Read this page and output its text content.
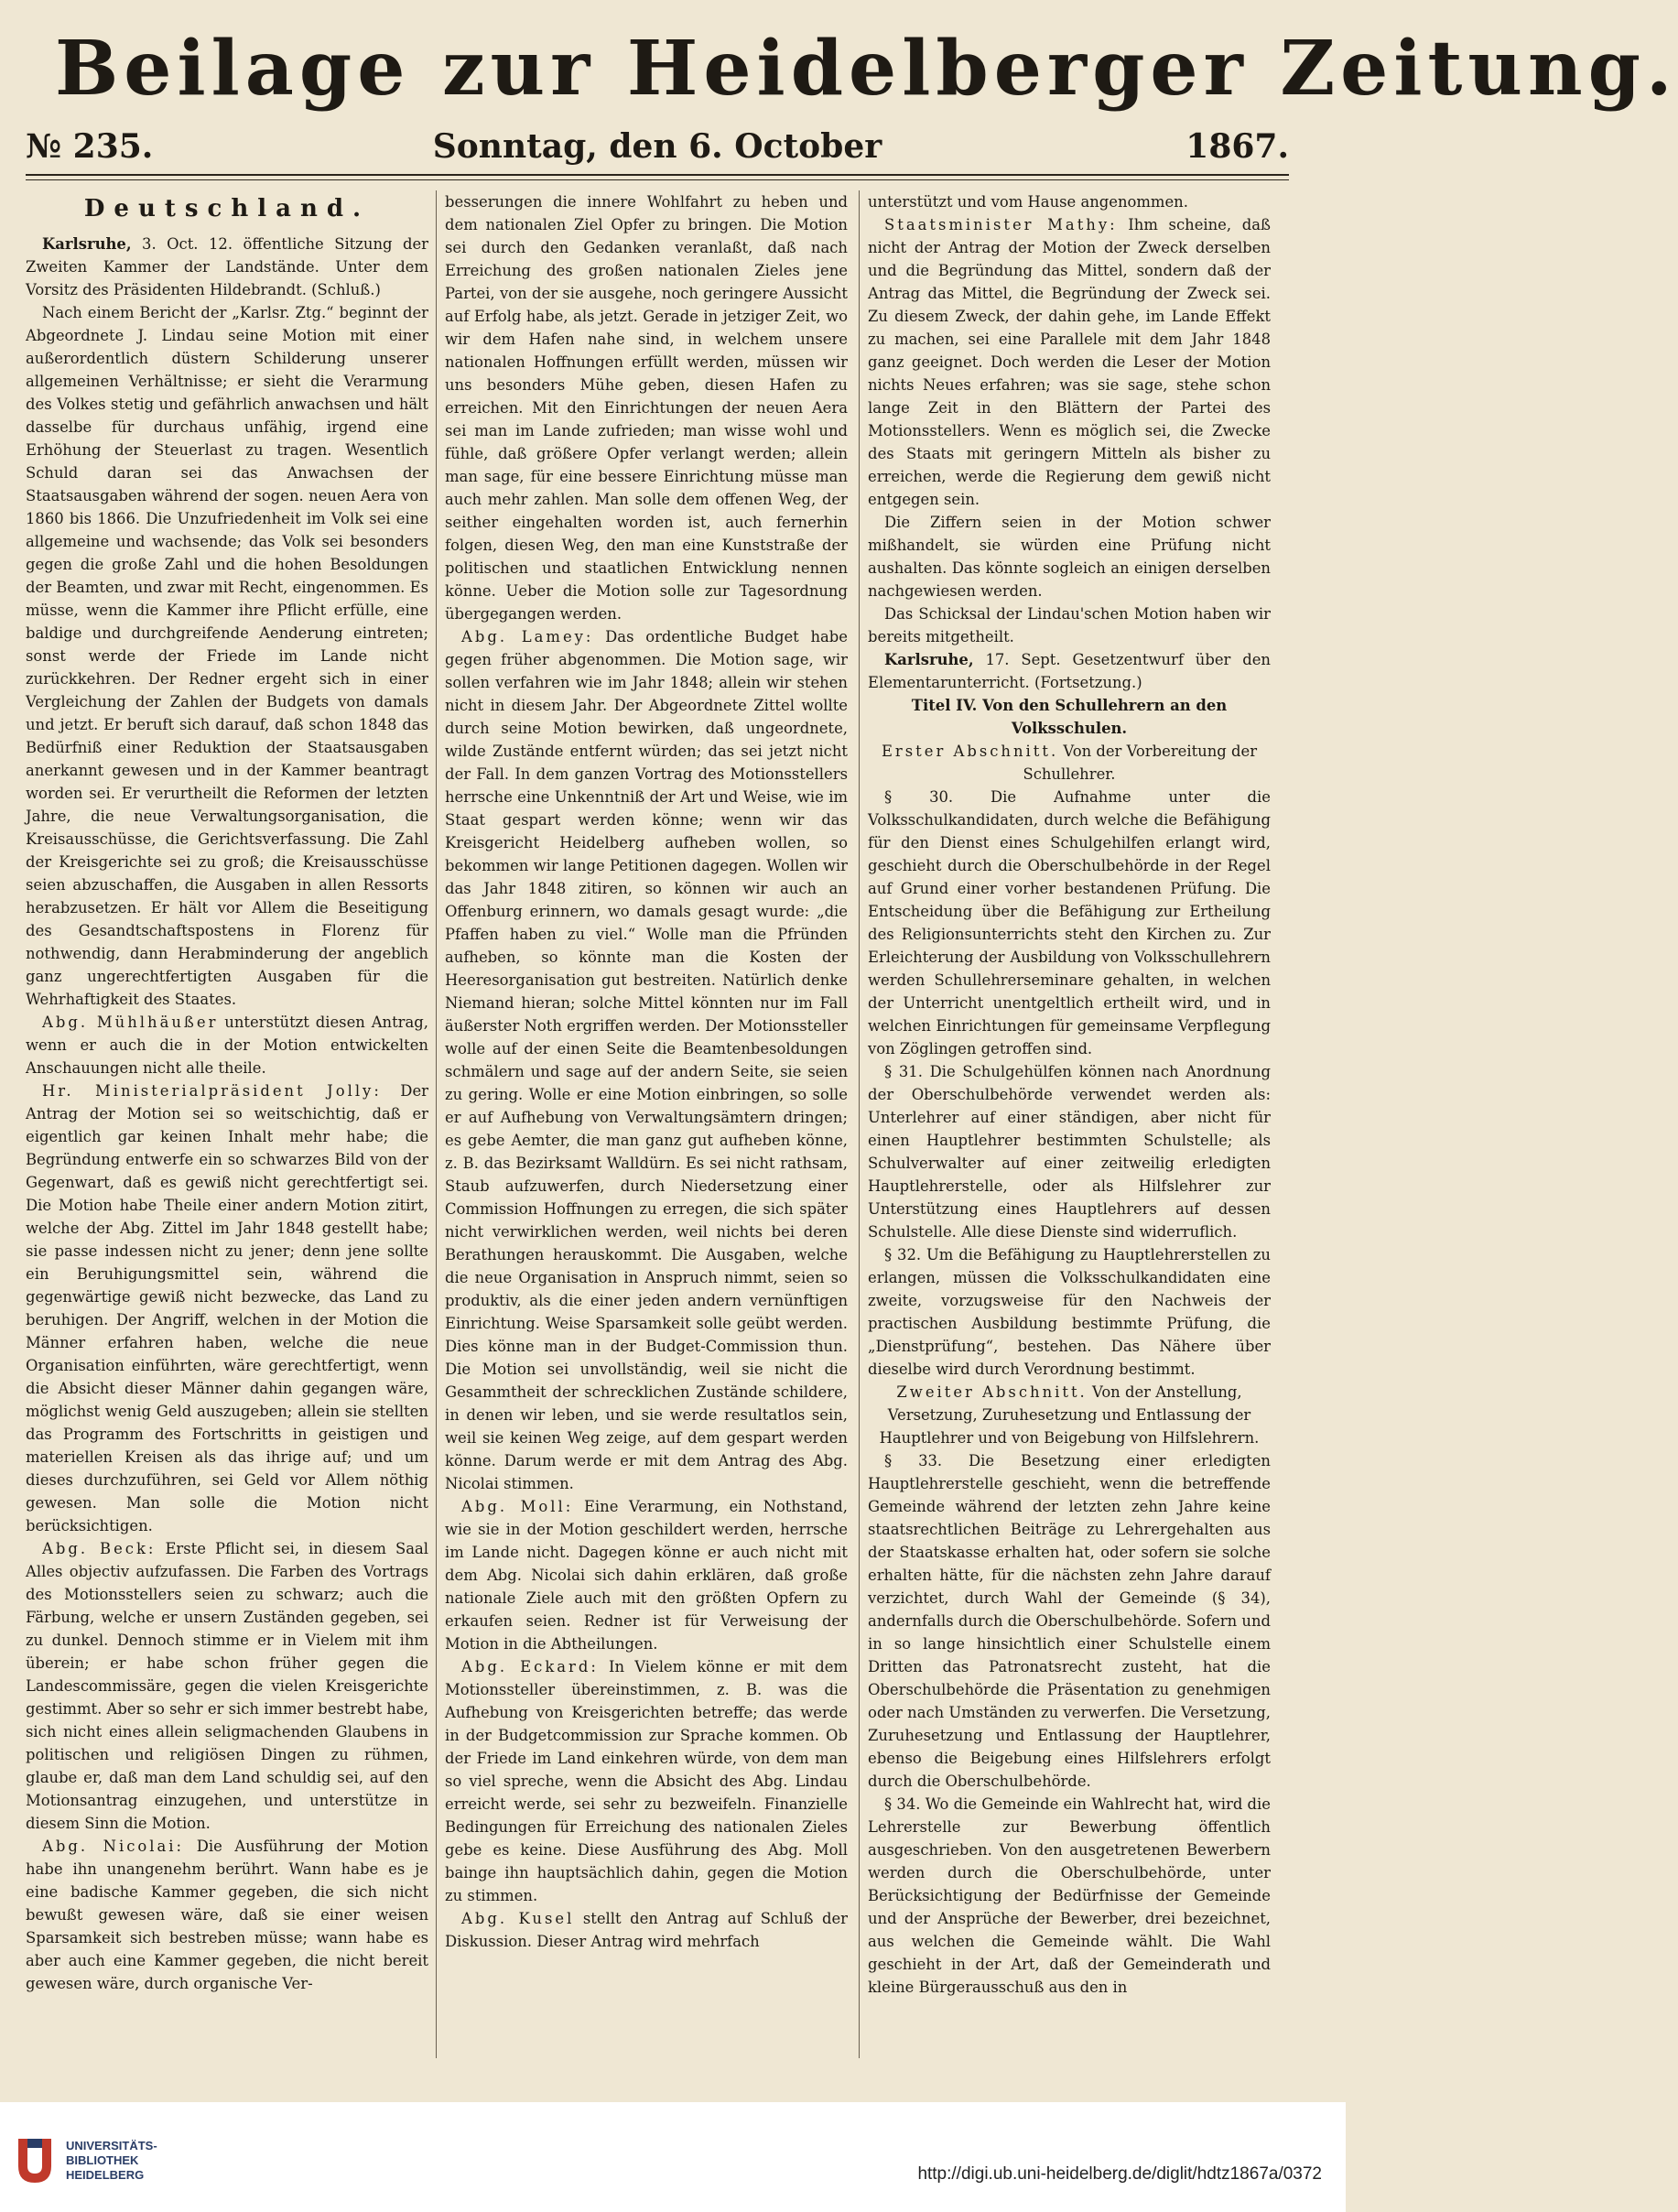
Beilage zur Heidelberger Zeitung.
Sonntag, den 6. October
№ 235.	1867.

Deutschland.

Karlsruhe, 3. Oct. 12. öffentliche Sitzung der Zweiten Kammer der Landstände. Unter dem Vorsitz des Präsidenten Hildebrandt. (Schluß.)

Nach einem Bericht der „Karlsr. Ztg.“ beginnt der Abgeordnete J. Lindau seine Motion mit einer außerordentlich düstern Schilderung unserer allgemeinen Verhältnisse; er sieht die Verarmung des Volkes stetig und gefährlich anwachsen und hält dasselbe für durchaus unfähig, irgend eine Erhöhung der Steuerlast zu tragen. Wesentlich Schuld daran sei das Anwachsen der Staatsausgaben während der sogen. neuen Aera von 1860 bis 1866. Die Unzufriedenheit im Volk sei eine allgemeine und wachsende; das Volk sei besonders gegen die große Zahl und die hohen Besoldungen der Beamten, und zwar mit Recht, eingenommen. Es müsse, wenn die Kammer ihre Pflicht erfülle, eine baldige und durchgreifende Aenderung eintreten; sonst werde der Friede im Lande nicht zurückkehren. Der Redner ergeht sich in einer Vergleichung der Zahlen der Budgets von damals und jetzt. Er beruft sich darauf, daß schon 1848 das Bedürfniß einer Reduktion der Staatsausgaben anerkannt gewesen und in der Kammer beantragt worden sei. Er verurtheilt die Reformen der letzten Jahre, die neue Verwaltungsorganisation, die Kreisausschüsse, die Gerichtsverfassung. Die Zahl der Kreisgerichte sei zu groß; die Kreisausschüsse seien abzuschaffen, die Ausgaben in allen Ressorts herabzusetzen. Er hält vor Allem die Beseitigung des Gesandtschaftspostens in Florenz für nothwendig, dann Herabminderung der angeblich ganz ungerechtfertigten Ausgaben für die Wehrhaftigkeit des Staates.

Abg. Mühlhäußer unterstützt diesen Antrag, wenn er auch die in der Motion entwickelten Anschauungen nicht alle theile.

Hr. Ministerialpräsident Jolly: Der Antrag der Motion sei so weitschichtig, daß er eigentlich gar keinen Inhalt mehr habe; die Begründung entwerfe ein so schwarzes Bild von der Gegenwart, daß es gewiß nicht gerechtfertigt sei. Die Motion habe Theile einer andern Motion zitirt, welche der Abg. Zittel im Jahr 1848 gestellt habe; sie passe indessen nicht zu jener; denn jene sollte ein Beruhigungsmittel sein, während die gegenwärtige gewiß nicht bezwecke, das Land zu beruhigen. Der Angriff, welchen in der Motion die Männer erfahren haben, welche die neue Organisation einführten, wäre gerechtfertigt, wenn die Absicht dieser Männer dahin gegangen wäre, möglichst wenig Geld auszugeben; allein sie stellten das Programm des Fortschritts in geistigen und materiellen Kreisen als das ihrige auf; und um dieses durchzuführen, sei Geld vor Allem nöthig gewesen. Man solle die Motion nicht berücksichtigen.

Abg. Beck: Erste Pflicht sei, in diesem Saal Alles objectiv aufzufassen. Die Farben des Vortrags des Motionsstellers seien zu schwarz; auch die Färbung, welche er unsern Zuständen gegeben, sei zu dunkel. Dennoch stimme er in Vielem mit ihm überein; er habe schon früher gegen die Landescommissäre, gegen die vielen Kreisgerichte gestimmt. Aber so sehr er sich immer bestrebt habe, sich nicht eines allein seligmachenden Glaubens in politischen und religiösen Dingen zu rühmen, glaube er, daß man dem Land schuldig sei, auf den Motionsantrag einzugehen, und unterstütze in diesem Sinn die Motion.

Abg. Nicolai: Die Ausführung der Motion habe ihn unangenehm berührt. Wann habe es je eine badische Kammer gegeben, die sich nicht bewußt gewesen wäre, daß sie einer weisen Sparsamkeit sich bestreben müsse; wann habe es aber auch eine Kammer gegeben, die nicht bereit gewesen wäre, durch organische Ver-

besserungen die innere Wohlfahrt zu heben und dem nationalen Ziel Opfer zu bringen. Die Motion sei durch den Gedanken veranlaßt, daß nach Erreichung des großen nationalen Zieles jene Partei, von der sie ausgehe, noch geringere Aussicht auf Erfolg habe, als jetzt. Gerade in jetziger Zeit, wo wir dem Hafen nahe sind, in welchem unsere nationalen Hoffnungen erfüllt werden, müssen wir uns besonders Mühe geben, diesen Hafen zu erreichen. Mit den Einrichtungen der neuen Aera sei man im Lande zufrieden; man wisse wohl und fühle, daß größere Opfer verlangt werden; allein man sage, für eine bessere Einrichtung müsse man auch mehr zahlen. Man solle dem offenen Weg, der seither eingehalten worden ist, auch fernerhin folgen, diesen Weg, den man eine Kunststraße der politischen und staatlichen Entwicklung nennen könne. Ueber die Motion solle zur Tagesordnung übergegangen werden.

Abg. Lamey: Das ordentliche Budget habe gegen früher abgenommen. Die Motion sage, wir sollen verfahren wie im Jahr 1848; allein wir stehen nicht in diesem Jahr. Der Abgeordnete Zittel wollte durch seine Motion bewirken, daß ungeordnete, wilde Zustände entfernt würden; das sei jetzt nicht der Fall. In dem ganzen Vortrag des Motionsstellers herrsche eine Unkenntniß der Art und Weise, wie im Staat gespart werden könne; wenn wir das Kreisgericht Heidelberg aufheben wollen, so bekommen wir lange Petitionen dagegen. Wollen wir das Jahr 1848 zitiren, so können wir auch an Offenburg erinnern, wo damals gesagt wurde: „die Pfaffen haben zu viel.“ Wolle man die Pfründen aufheben, so könnte man die Kosten der Heeresorganisation gut bestreiten. Natürlich denke Niemand hieran; solche Mittel könnten nur im Fall äußerster Noth ergriffen werden. Der Motionssteller wolle auf der einen Seite die Beamtenbesoldungen schmälern und sage auf der andern Seite, sie seien zu gering. Wolle er eine Motion einbringen, so solle er auf Aufhebung von Verwaltungsämtern dringen; es gebe Aemter, die man ganz gut aufheben könne, z. B. das Bezirksamt Walldürn. Es sei nicht rathsam, Staub aufzuwerfen, durch Niedersetzung einer Commission Hoffnungen zu erregen, die sich später nicht verwirklichen werden, weil nichts bei deren Berathungen herauskommt. Die Ausgaben, welche die neue Organisation in Anspruch nimmt, seien so produktiv, als die einer jeden andern vernünftigen Einrichtung. Weise Sparsamkeit solle geübt werden. Dies könne man in der Budget-Commission thun. Die Motion sei unvollständig, weil sie nicht die Gesammtheit der schrecklichen Zustände schildere, in denen wir leben, und sie werde resultatlos sein, weil sie keinen Weg zeige, auf dem gespart werden könne. Darum werde er mit dem Antrag des Abg. Nicolai stimmen.

Abg. Moll: Eine Verarmung, ein Nothstand, wie sie in der Motion geschildert werden, herrsche im Lande nicht. Dagegen könne er auch nicht mit dem Abg. Nicolai sich dahin erklären, daß große nationale Ziele auch mit den größten Opfern zu erkaufen seien. Redner ist für Verweisung der Motion in die Abtheilungen.

Abg. Eckard: In Vielem könne er mit dem Motionssteller übereinstimmen, z. B. was die Aufhebung von Kreisgerichten betreffe; das werde in der Budgetcommission zur Sprache kommen. Ob der Friede im Land einkehren würde, von dem man so viel spreche, wenn die Absicht des Abg. Lindau erreicht werde, sei sehr zu bezweifeln. Finanzielle Bedingungen für Erreichung des nationalen Zieles gebe es keine. Diese Ausführung des Abg. Moll bainge ihn hauptsächlich dahin, gegen die Motion zu stimmen.

Abg. Kusel stellt den Antrag auf Schluß der Diskussion. Dieser Antrag wird mehrfach

unterstützt und vom Hause angenommen.

Staatsminister Mathy: Ihm scheine, daß nicht der Antrag der Motion der Zweck derselben und die Begründung das Mittel, sondern daß der Antrag das Mittel, die Begründung der Zweck sei. Zu diesem Zweck, der dahin gehe, im Lande Effekt zu machen, sei eine Parallele mit dem Jahr 1848 ganz geeignet. Doch werden die Leser der Motion nichts Neues erfahren; was sie sage, stehe schon lange Zeit in den Blättern der Partei des Motionsstellers. Wenn es möglich sei, die Zwecke des Staats mit geringern Mitteln als bisher zu erreichen, werde die Regierung dem gewiß nicht entgegen sein.

Die Ziffern seien in der Motion schwer mißhandelt, sie würden eine Prüfung nicht aushalten. Das könnte sogleich an einigen derselben nachgewiesen werden.

Das Schicksal der Lindau'schen Motion haben wir bereits mitgetheilt.

Karlsruhe, 17. Sept. Gesetzentwurf über den Elementarunterricht. (Fortsetzung.)

Titel IV. Von den Schullehrern an den Volksschulen.

Erster Abschnitt. Von der Vorbereitung der Schullehrer.

§ 30. Die Aufnahme unter die Volksschulkandidaten, durch welche die Befähigung für den Dienst eines Schulgehilfen erlangt wird, geschieht durch die Oberschulbehörde in der Regel auf Grund einer vorher bestandenen Prüfung. Die Entscheidung über die Befähigung zur Ertheilung des Religionsunterrichts steht den Kirchen zu. Zur Erleichterung der Ausbildung von Volksschullehrern werden Schullehrerseminare gehalten, in welchen der Unterricht unentgeltlich ertheilt wird, und in welchen Einrichtungen für gemeinsame Verpflegung von Zöglingen getroffen sind.

§ 31. Die Schulgehülfen können nach Anordnung der Oberschulbehörde verwendet werden als: Unterlehrer auf einer ständigen, aber nicht für einen Hauptlehrer bestimmten Schulstelle; als Schulverwalter auf einer zeitweilig erledigten Hauptlehrerstelle, oder als Hilfslehrer zur Unterstützung eines Hauptlehrers auf dessen Schulstelle. Alle diese Dienste sind widerruflich.

§ 32. Um die Befähigung zu Hauptlehrerstellen zu erlangen, müssen die Volksschulkandidaten eine zweite, vorzugsweise für den Nachweis der practischen Ausbildung bestimmte Prüfung, die „Dienstprüfung“, bestehen. Das Nähere über dieselbe wird durch Verordnung bestimmt.

Zweiter Abschnitt. Von der Anstellung, Versetzung, Zuruhesetzung und Entlassung der Hauptlehrer und von Beigebung von Hilfslehrern.

§ 33. Die Besetzung einer erledigten Hauptlehrerstelle geschieht, wenn die betreffende Gemeinde während der letzten zehn Jahre keine staatsrechtlichen Beiträge zu Lehrergehalten aus der Staatskasse erhalten hat, oder sofern sie solche erhalten hätte, für die nächsten zehn Jahre darauf verzichtet, durch Wahl der Gemeinde (§ 34), andernfalls durch die Oberschulbehörde. Sofern und in so lange hinsichtlich einer Schulstelle einem Dritten das Patronatsrecht zusteht, hat die Oberschulbehörde die Präsentation zu genehmigen oder nach Umständen zu verwerfen. Die Versetzung, Zuruhesetzung und Entlassung der Hauptlehrer, ebenso die Beigebung eines Hilfslehrers erfolgt durch die Oberschulbehörde.

§ 34. Wo die Gemeinde ein Wahlrecht hat, wird die Lehrerstelle zur Bewerbung öffentlich ausgeschrieben. Von den ausgetretenen Bewerbern werden durch die Oberschulbehörde, unter Berücksichtigung der Bedürfnisse der Gemeinde und der Ansprüche der Bewerber, drei bezeichnet, aus welchen die Gemeinde wählt. Die Wahl geschieht in der Art, daß der Gemeinderath und kleine Bürgerausschuß aus den in

UNIVERSITÄTS-
BIBLIOTHEK
HEIDELBERG	http://digi.ub.uni-heidelberg.de/diglit/hdtz1867a/0372
